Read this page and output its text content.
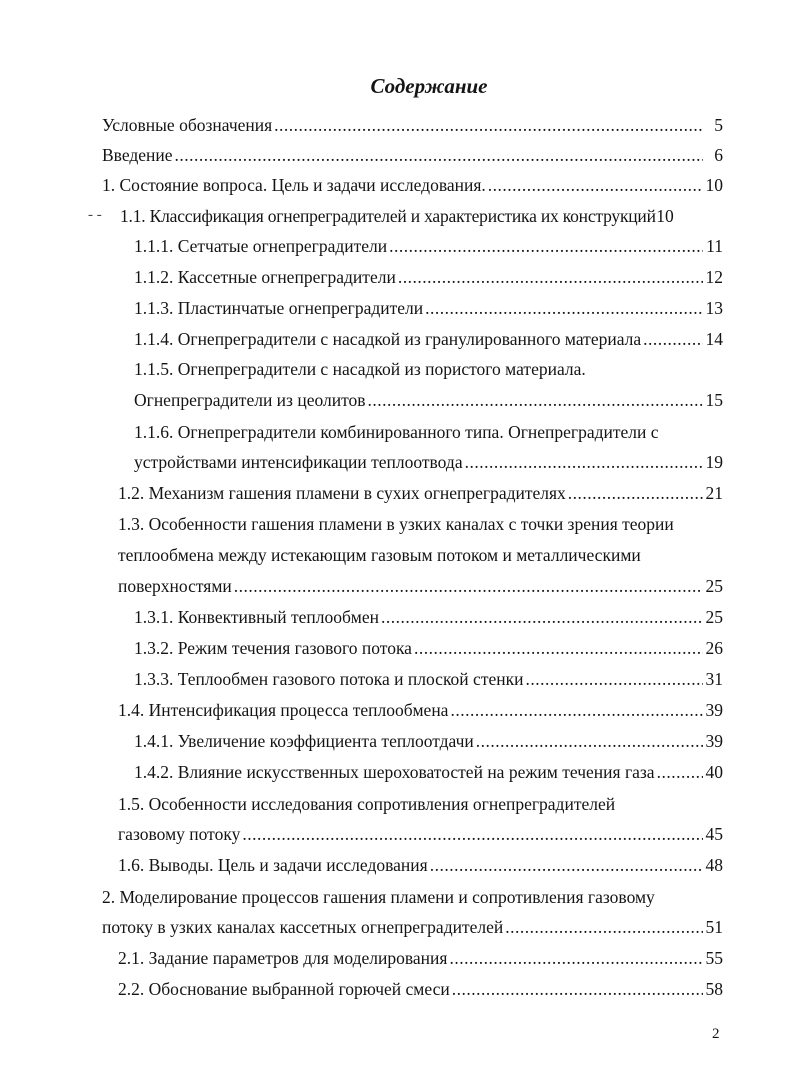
Содержание
- -
Условные обозначения .....	5
Введение .....	6
1. Состояние вопроса. Цель и задачи исследования. .....	10
1.1. Классификация огнепреградителей и характеристика их конструкций 10
1.1.1. Сетчатые огнепреградители .....	11
1.1.2. Кассетные огнепреградители .....	12
1.1.3. Пластинчатые огнепреградители .....	13
1.1.4. Огнепреградители с насадкой из гранулированного материала .....	14
1.1.5. Огнепреградители с насадкой из пористого материала.
Огнепреградители из цеолитов .....	15
1.1.6. Огнепреградители комбинированного типа. Огнепреградители с
устройствами интенсификации теплоотвода .....	19
1.2. Механизм гашения пламени в сухих огнепреградителях .....	21
1.3. Особенности гашения пламени в узких каналах с точки зрения теории
теплообмена между истекающим газовым потоком и металлическими
поверхностями .....	25
1.3.1. Конвективный теплообмен .....	25
1.3.2. Режим течения газового потока .....	26
1.3.3. Теплообмен газового потока и плоской стенки .....	31
1.4. Интенсификация процесса теплообмена .....	39
1.4.1. Увеличение коэффициента теплоотдачи .....	39
1.4.2. Влияние искусственных шероховатостей на режим течения газа .....	40
1.5. Особенности исследования сопротивления огнепреградителей
газовому потоку .....	45
1.6. Выводы. Цель и задачи исследования .....	48
2. Моделирование процессов гашения пламени и сопротивления газовому
потоку в узких каналах кассетных огнепреградителей .....	51
2.1. Задание параметров для моделирования .....	55
2.2. Обоснование выбранной горючей смеси .....	58
2
